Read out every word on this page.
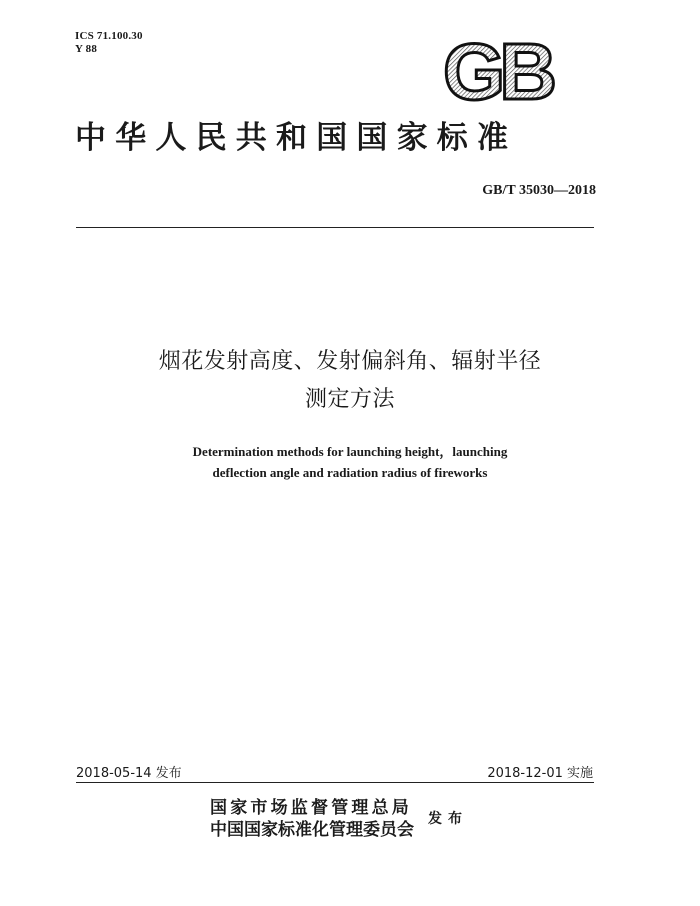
ICS 71.100.30
Y 88	GB
中华人民共和国国家标准
GB/T 35030—2018
烟花发射高度、发射偏斜角、辐射半径
测定方法
Determination methods for launching height，launching
deflection angle and radiation radius of fireworks
2018-05-14 发布	2018-12-01 实施
国家市场监督管理总局
中国国家标准化管理委员会
发布
